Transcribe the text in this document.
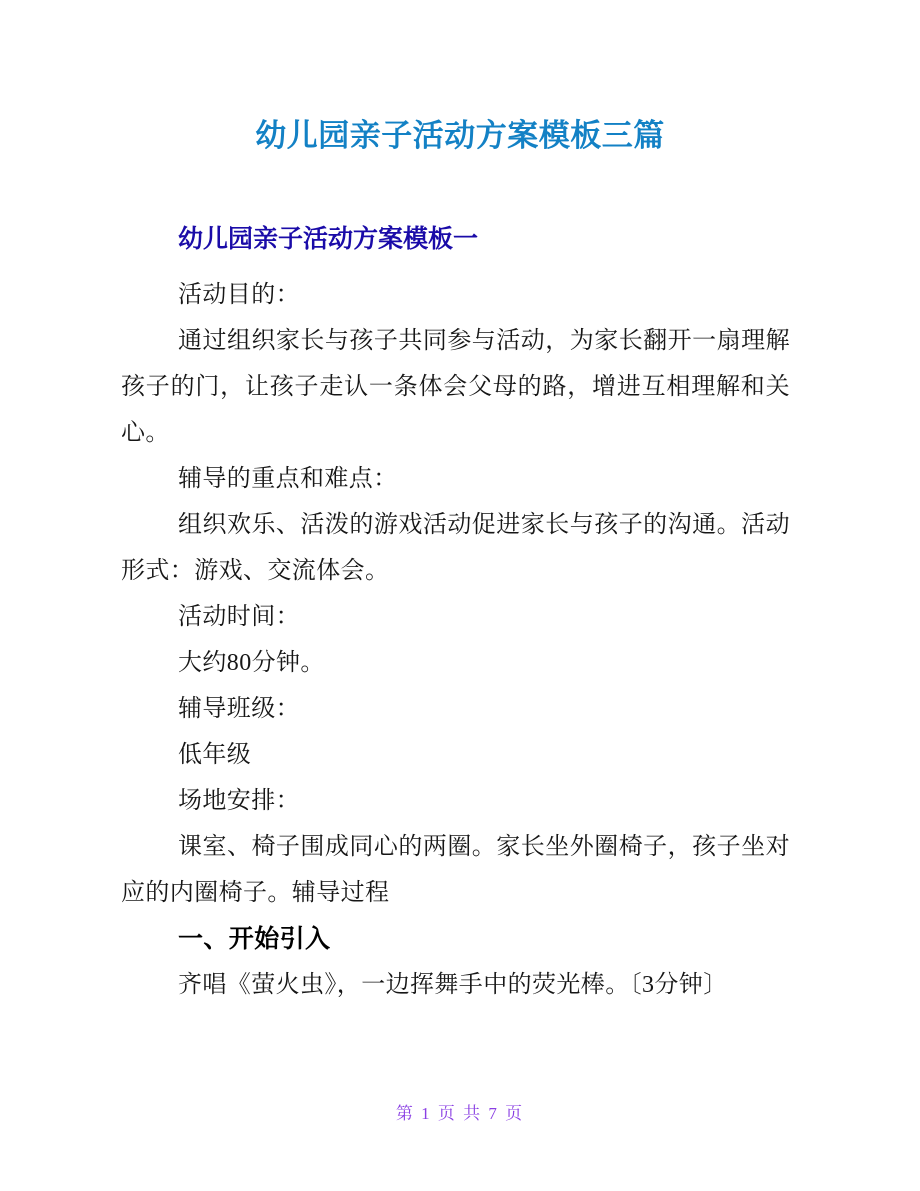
幼儿园亲子活动方案模板三篇
幼儿园亲子活动方案模板一

活动目的：

通过组织家长与孩子共同参与活动，为家长翻开一扇理解孩子的门，让孩子走认一条体会父母的路，增进互相理解和关心。

辅导的重点和难点：

组织欢乐、活泼的游戏活动促进家长与孩子的沟通。活动形式：游戏、交流体会。

活动时间：

大约80分钟。

辅导班级：

低年级

场地安排：

课室、椅子围成同心的两圈。家长坐外圈椅子，孩子坐对应的内圈椅子。辅导过程

一、开始引入

齐唱《萤火虫》，一边挥舞手中的荧光棒。〔3分钟〕

第 1 页 共 7 页
